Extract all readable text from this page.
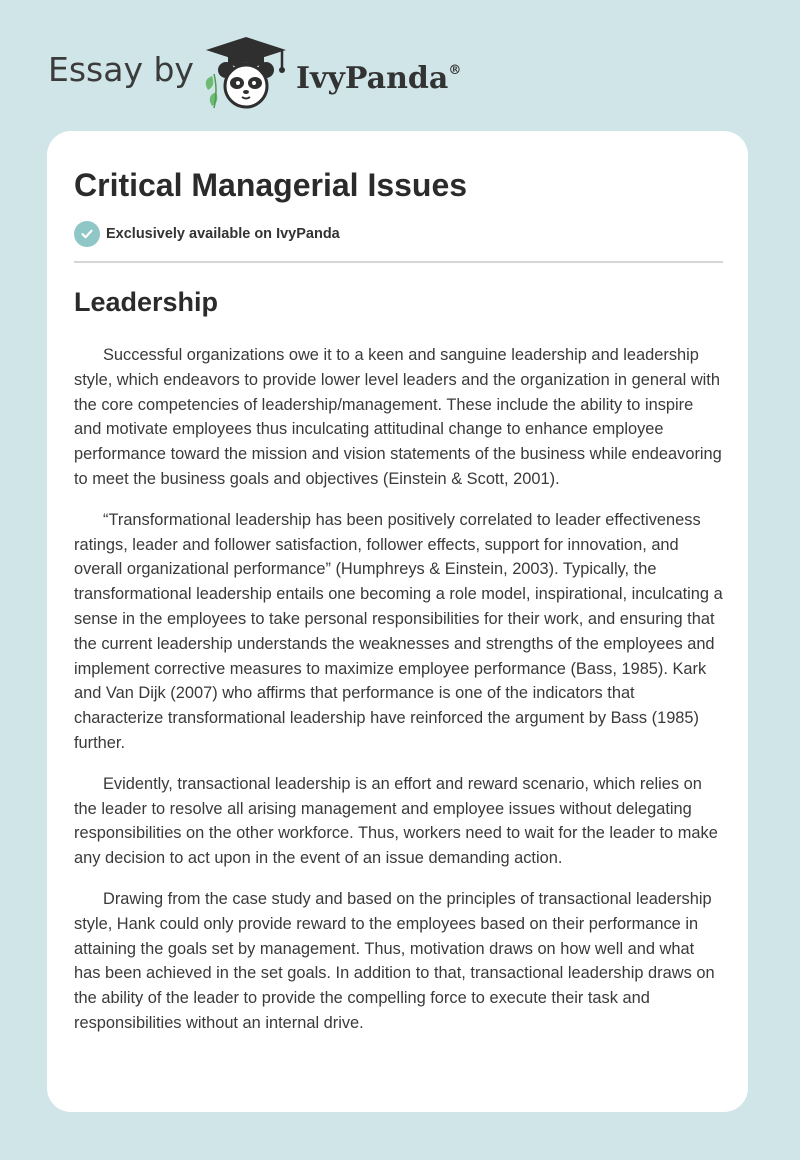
Essay by	IvyPanda®
Critical Managerial Issues
Exclusively available on IvyPanda
Leadership

Successful organizations owe it to a keen and sanguine leadership and leadership style, which endeavors to provide lower level leaders and the organization in general with the core competencies of leadership/management. These include the ability to inspire and motivate employees thus inculcating attitudinal change to enhance employee performance toward the mission and vision statements of the business while endeavoring to meet the business goals and objectives (Einstein & Scott, 2001).

“Transformational leadership has been positively correlated to leader effectiveness ratings, leader and follower satisfaction, follower effects, support for innovation, and overall organizational performance” (Humphreys & Einstein, 2003). Typically, the transformational leadership entails one becoming a role model, inspirational, inculcating a sense in the employees to take personal responsibilities for their work, and ensuring that the current leadership understands the weaknesses and strengths of the employees and implement corrective measures to maximize employee performance (Bass, 1985). Kark and Van Dijk (2007) who affirms that performance is one of the indicators that characterize transformational leadership have reinforced the argument by Bass (1985) further.

Evidently, transactional leadership is an effort and reward scenario, which relies on the leader to resolve all arising management and employee issues without delegating responsibilities on the other workforce. Thus, workers need to wait for the leader to make any decision to act upon in the event of an issue demanding action.

Drawing from the case study and based on the principles of transactional leadership style, Hank could only provide reward to the employees based on their performance in attaining the goals set by management. Thus, motivation draws on how well and what has been achieved in the set goals. In addition to that, transactional leadership draws on the ability of the leader to provide the compelling force to execute their task and responsibilities without an internal drive.
